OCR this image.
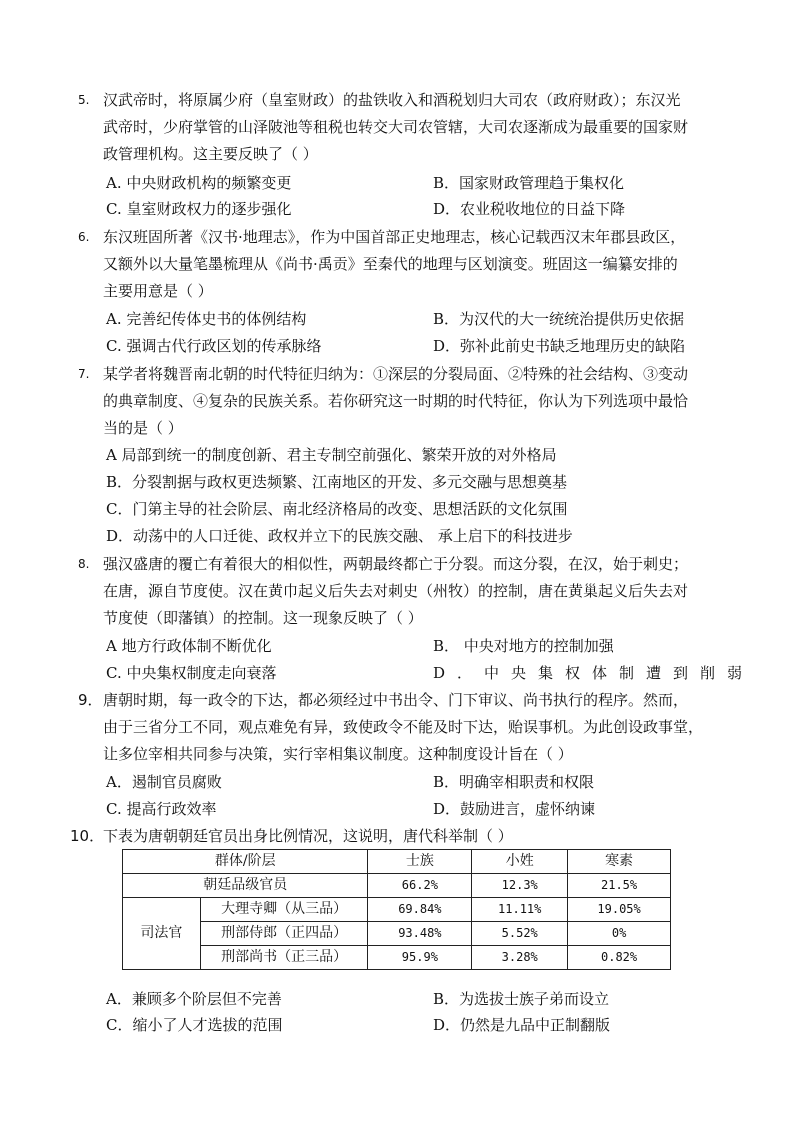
5. 汉武帝时，将原属少府（皇室财政）的盐铁收入和酒税划归大司农（政府财政）；东汉光
武帝时，少府掌管的山泽陂池等租税也转交大司农管辖，大司农逐渐成为最重要的国家财
政管理机构。这主要反映了（ ）
A. 中央财政机构的频繁变更	B．国家财政管理趋于集权化
C. 皇室财政权力的逐步强化	D．农业税收地位的日益下降
6. 东汉班固所著《汉书·地理志》，作为中国首部正史地理志，核心记载西汉末年郡县政区，
又额外以大量笔墨梳理从《尚书·禹贡》至秦代的地理与区划演变。班固这一编纂安排的
主要用意是（ ）
A. 完善纪传体史书的体例结构	B．为汉代的大一统统治提供历史依据
C. 强调古代行政区划的传承脉络	D．弥补此前史书缺乏地理历史的缺陷
7. 某学者将魏晋南北朝的时代特征归纳为：①深层的分裂局面、②特殊的社会结构、③变动
的典章制度、④复杂的民族关系。若你研究这一时期的时代特征，你认为下列选项中最恰
当的是（ ）
A 局部到统一的制度创新、君主专制空前强化、繁荣开放的对外格局
B．分裂割据与政权更迭频繁、江南地区的开发、多元交融与思想奠基
C．门第主导的社会阶层、南北经济格局的改变、思想活跃的文化氛围
D．动荡中的人口迁徙、政权并立下的民族交融、 承上启下的科技进步
8. 强汉盛唐的覆亡有着很大的相似性，两朝最终都亡于分裂。而这分裂，在汉，始于刺史；
在唐，源自节度使。汉在黄巾起义后失去对刺史（州牧）的控制，唐在黄巢起义后失去对
节度使（即藩镇）的控制。这一现象反映了（ ）
A 地方行政体制不断优化	B． 中央对地方的控制加强
C. 中央集权制度走向衰落	D．中央集权体制遭到削弱
9． 唐朝时期，每一政令的下达，都必须经过中书出令、门下审议、尚书执行的程序。然而，
由于三省分工不同，观点难免有异，致使政令不能及时下达，贻误事机。为此创设政事堂，
让多位宰相共同参与决策，实行宰相集议制度。这种制度设计旨在（ ）
A．遏制官员腐败	B．明确宰相职责和权限
C. 提高行政效率	D．鼓励进言，虚怀纳谏
10．
下表为唐朝朝廷官员出身比例情况，这说明，唐代科举制（ ）
群体/阶层		士族	小姓	寒素
朝廷品级官员		66.2%	12.3%	21.5%
司法官	大理寺卿（从三品）	69.84%	11.11%	19.05%
	刑部侍郎（正四品）	93.48%	5.52%	0%
	刑部尚书（正三品）	95.9%	3.28%	0.82%
A．兼顾多个阶层但不完善	B．为选拔士族子弟而设立
C．缩小了人才选拔的范围	D．仍然是九品中正制翻版
